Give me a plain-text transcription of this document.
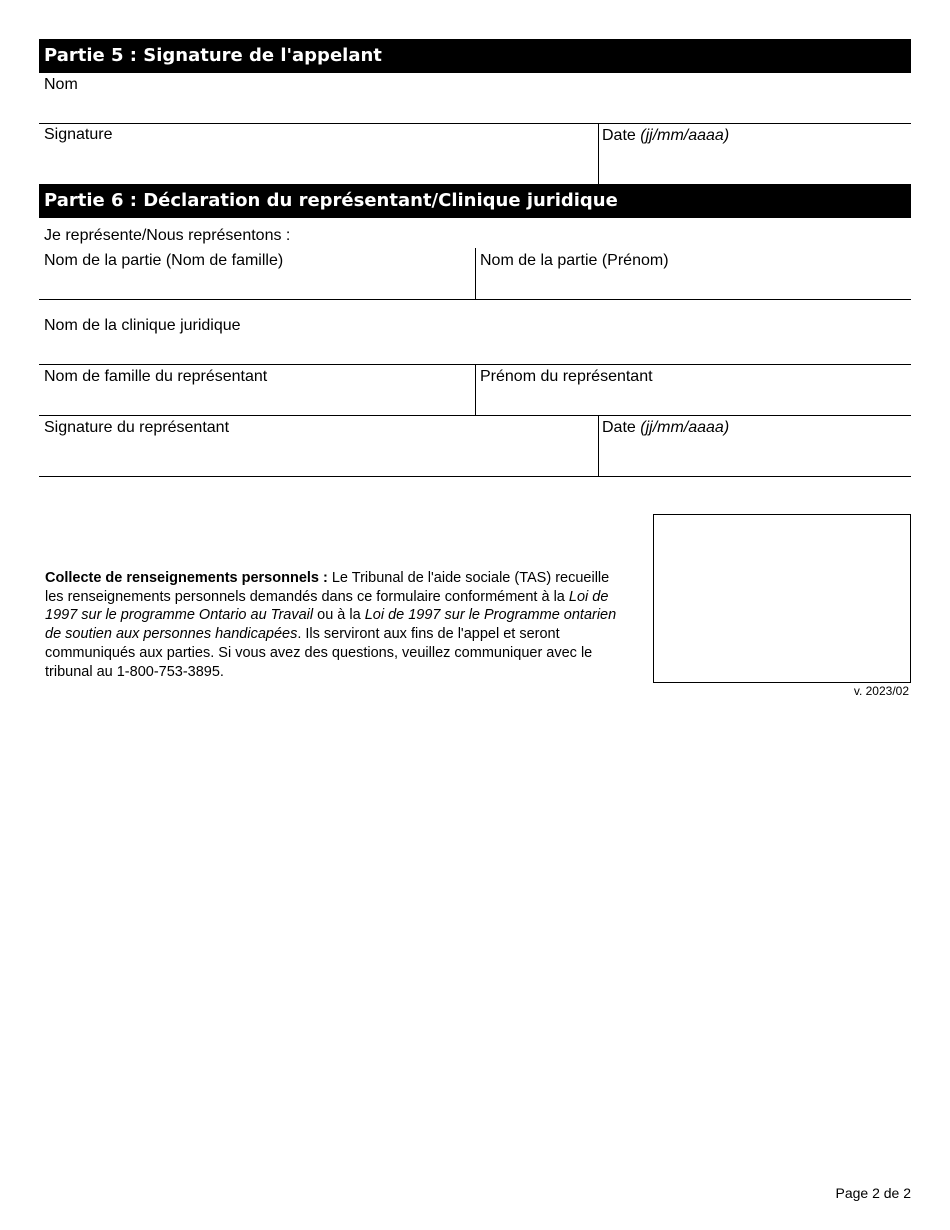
Partie 5 : Signature de l'appelant
Nom
Signature	Date (jj/mm/aaaa)
Partie 6 : Déclaration du représentant/Clinique juridique
Je représente/Nous représentons :
Nom de la partie (Nom de famille)	Nom de la partie (Prénom)
Nom de la clinique juridique
Nom de famille du représentant	Prénom du représentant
Signature du représentant	Date (jj/mm/aaaa)
Collecte de renseignements personnels : Le Tribunal de l'aide sociale (TAS) recueille les renseignements personnels demandés dans ce formulaire conformément à la Loi de 1997 sur le programme Ontario au Travail ou à la Loi de 1997 sur le Programme ontarien de soutien aux personnes handicapées. Ils serviront aux fins de l'appel et seront communiqués aux parties. Si vous avez des questions, veuillez communiquer avec le tribunal au 1-800-753-3895.
v. 2023/02
Page 2 de 2
